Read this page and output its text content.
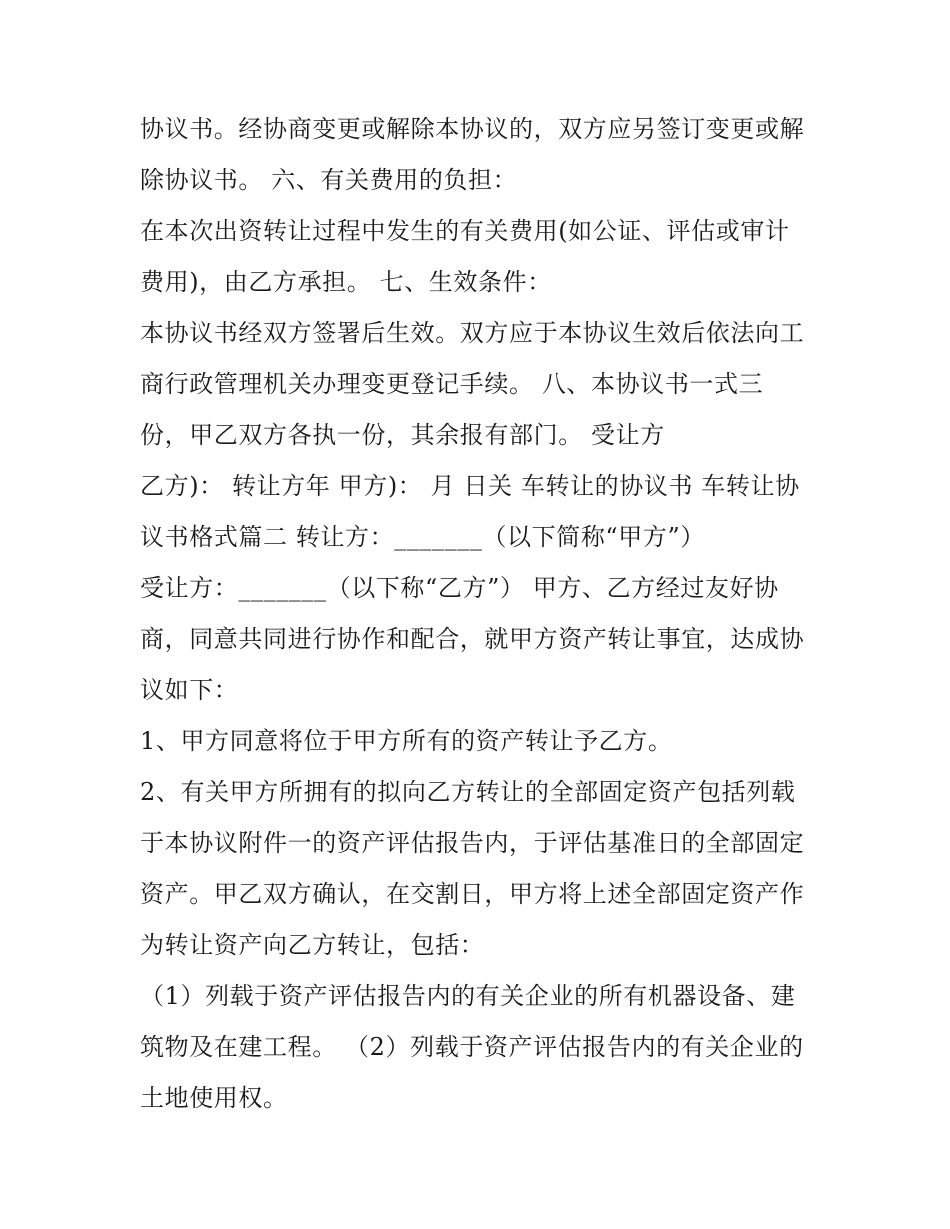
协议书。经协商变更或解除本协议的，双方应另签订变更或解
除协议书。 六、有关费用的负担：
在本次出资转让过程中发生的有关费用(如公证、评估或审计
费用)，由乙方承担。 七、生效条件：
本协议书经双方签署后生效。双方应于本协议生效后依法向工
商行政管理机关办理变更登记手续。 八、本协议书一式三
份，甲乙双方各执一份，其余报有部门。 受让方
乙方)： 转让方年 甲方)： 月 日关 车转让的协议书 车转让协
议书格式篇二 转让方：_______（以下简称“甲方”）
受让方：_______（以下称“乙方”） 甲方、乙方经过友好协
商，同意共同进行协作和配合，就甲方资产转让事宜，达成协
议如下：
1、甲方同意将位于甲方所有的资产转让予乙方。
2、有关甲方所拥有的拟向乙方转让的全部固定资产包括列载
于本协议附件一的资产评估报告内，于评估基准日的全部固定
资产。甲乙双方确认，在交割日，甲方将上述全部固定资产作
为转让资产向乙方转让，包括：
（1）列载于资产评估报告内的有关企业的所有机器设备、建
筑物及在建工程。 （2）列载于资产评估报告内的有关企业的
土地使用权。
